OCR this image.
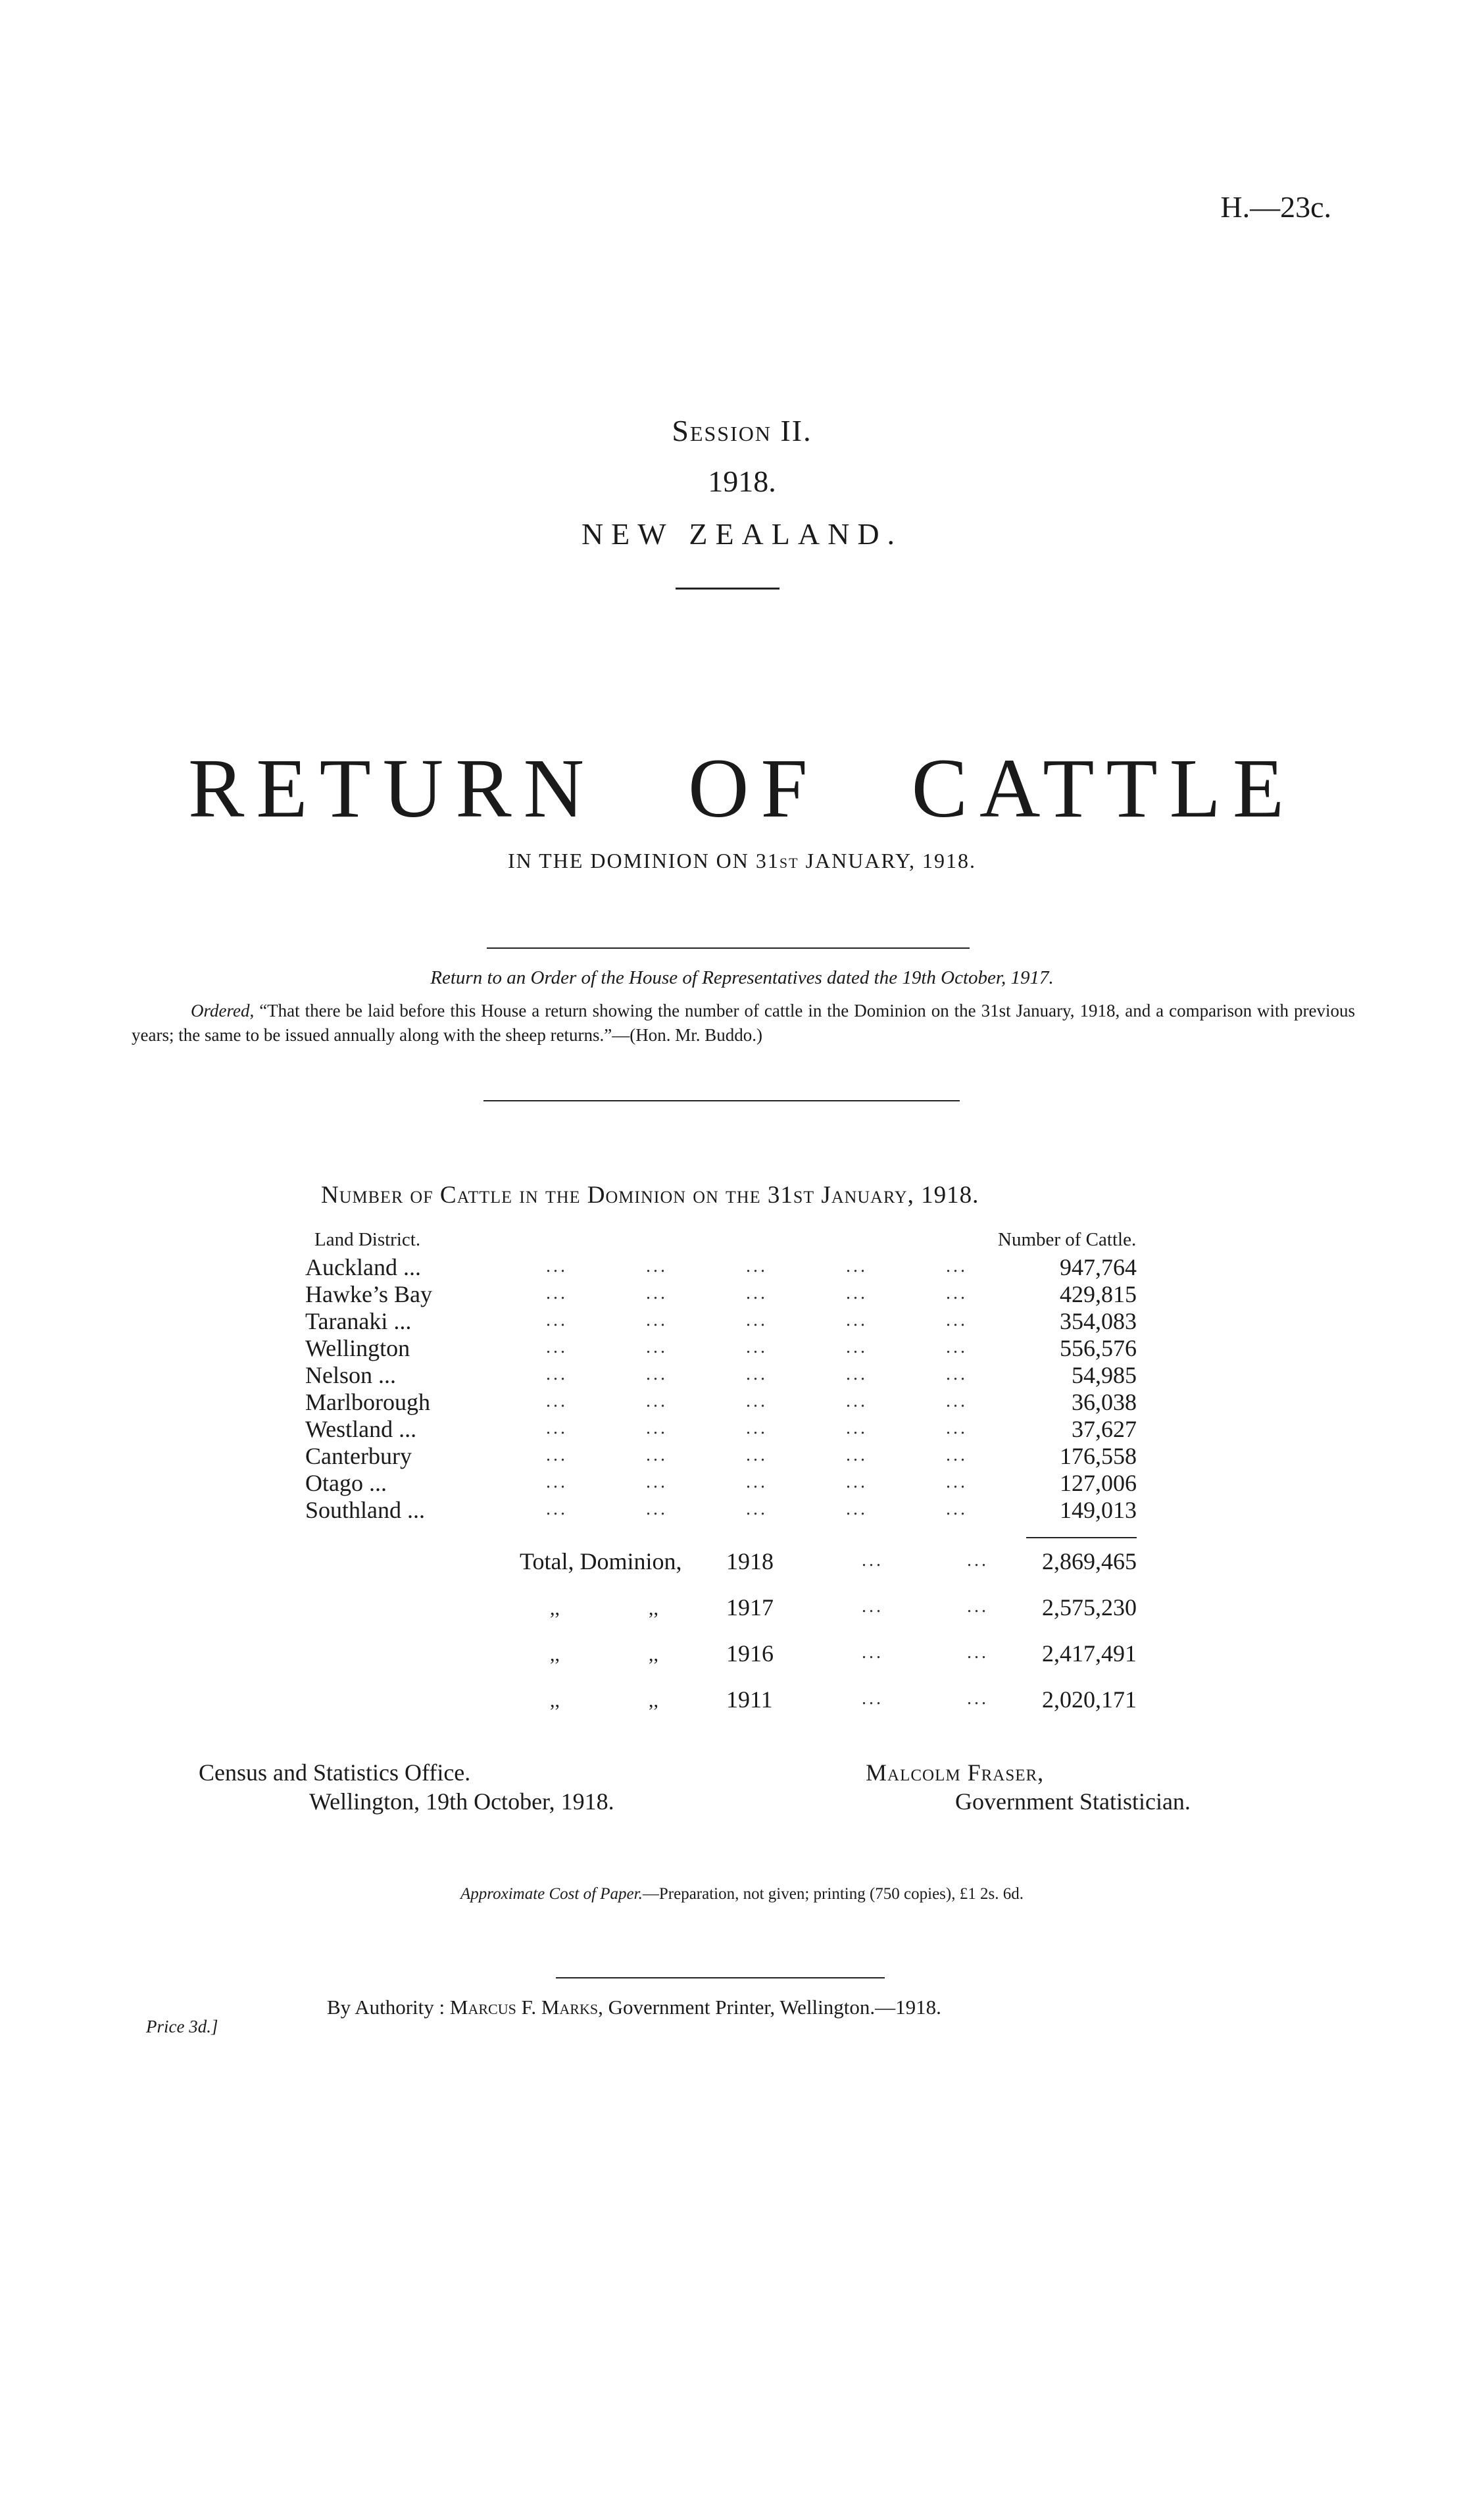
H.—23c.
Session II.
1918.
NEW ZEALAND.
RETURN OF CATTLE
IN THE DOMINION ON 31ST JANUARY, 1918.
Return to an Order of the House of Representatives dated the 19th October, 1917.
Ordered, “That there be laid before this House a return showing the number of cattle in the Dominion on the 31st January, 1918, and a comparison with previous years; the same to be issued annually along with the sheep returns.”—(Hon. Mr. Buddo.)
Number of Cattle in the Dominion on the 31st January, 1918.
Land District.	Number of Cattle.
Auckland ...	... ... ... ... ...	947,764
Hawke’s Bay	... ... ... ... ...	429,815
Taranaki ...	... ... ... ... ...	354,083
Wellington	... ... ... ... ...	556,576
Nelson ...	... ... ... ... ...	54,985
Marlborough	... ... ... ... ...	36,038
Westland ...	... ... ... ... ...	37,627
Canterbury	... ... ... ... ...	176,558
Otago ...	... ... ... ... ...	127,006
Southland ...	... ... ... ... ...	149,013
Total, Dominion, 1918	...	... 2,869,465
,,	,,	1917	...	... 2,575,230
,,	,,	1916	...	... 2,417,491
,,	,,	1911	...	... 2,020,171
Census and Statistics Office.
Wellington, 19th October, 1918.
Malcolm Fraser,
Government Statistician.
Approximate Cost of Paper.—Preparation, not given; printing (750 copies), £1 2s. 6d.
By Authority : Marcus F. Marks, Government Printer, Wellington.—1918.
Price 3d.]
